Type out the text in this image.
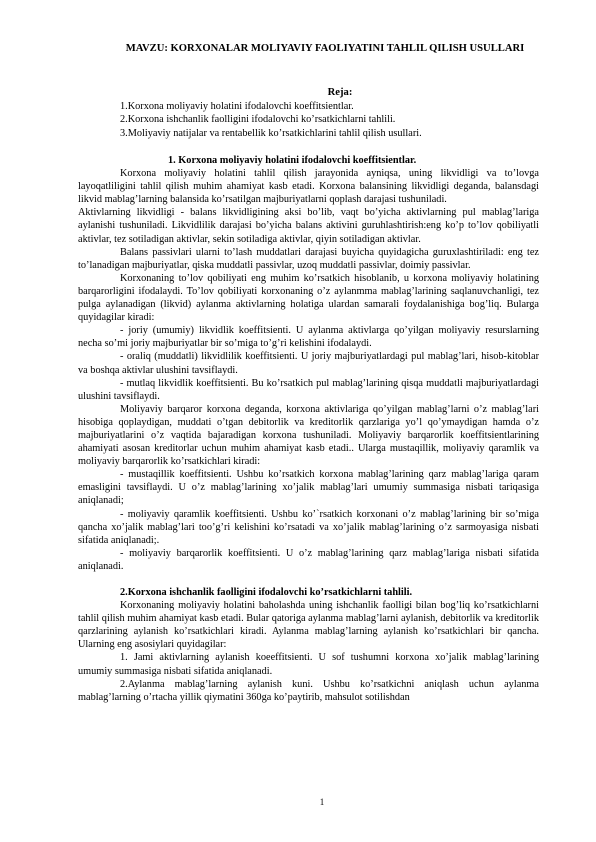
MAVZU: KORXONALAR MOLIYAVIY FAOLIYATINI TAHLIL QILISH USULLARI
Reja:
1.Korxona moliyaviy holatini ifodalovchi koeffitsientlar.
2.Korxona ishchanlik faolligini ifodalovchi ko’rsatkichlarni tahlili.
3.Moliyaviy natijalar va rentabellik ko’rsatkichlarini tahlil qilish usullari.

1. Korxona moliyaviy holatini ifodalovchi koeffitsientlar.

Korxona moliyaviy holatini tahlil qilish jarayonida ayniqsa, uning likvidligi va to’lovga layoqatliligini tahlil qilish muhim ahamiyat kasb etadi. Korxona balansining likvidligi deganda, balansdagi likvid mablag’larning balansida ko’rsatilgan majburiyatlarni qoplash darajasi tushuniladi.

Aktivlarning likvidligi - balans likvidligining aksi bo’lib, vaqt bo’yicha aktivlarning pul mablag’lariga aylanishi tushuniladi. Likvidlilik darajasi bo’yicha balans aktivini guruhlashtirish:eng ko’p to’lov qobiliyatli aktivlar, tez sotiladigan aktivlar, sekin sotiladiga aktivlar, qiyin sotiladigan aktivlar.

Balans passivlari ularni to’lash muddatlari darajasi buyicha quyidagicha guruxlashtiriladi: eng tez to’lanadigan majburiyatlar, qiska muddatli passivlar, uzoq muddatli passivlar, doimiy passivlar.

Korxonaning to’lov qobiliyati eng muhim ko’rsatkich hisoblanib, u korxona moliyaviy holatining barqarorligini ifodalaydi. To’lov qobiliyati korxonaning o’z aylanmma mablag’larining saqlanuvchanligi, tez pulga aylanadigan (likvid) aylanma aktivlarning holatiga ulardan samarali foydalanishiga bog’liq. Bularga quyidagilar kiradi:

- joriy (umumiy) likvidlik koeffitsienti. U aylanma aktivlarga qo’yilgan moliyaviy resurslarning necha so’mi joriy majburiyatlar bir so’miga to’g’ri kelishini ifodalaydi.

- oraliq (muddatli) likvidlilik koeffitsienti. U joriy majburiyatlardagi pul mablag’lari, hisob-kitoblar va boshqa aktivlar ulushini tavsiflaydi.

- mutlaq likvidlik koeffitsienti. Bu ko’rsatkich pul mablag’larining qisqa muddatli majburiyatlardagi ulushini tavsiflaydi.

Moliyaviy barqaror korxona deganda, korxona aktivlariga qo’yilgan mablag’larni o’z mablag’lari hisobiga qoplaydigan, muddati o’tgan debitorlik va kreditorlik qarzlariga yo’l qo’ymaydigan hamda o’z majburiyatlarini o’z vaqtida bajaradigan korxona tushuniladi. Moliyaviy barqarorlik koeffitsientlarining ahamiyati asosan kreditorlar uchun muhim ahamiyat kasb etadi.. Ularga mustaqillik, moliyaviy qaramlik va moliyaviy barqarorlik ko’rsatkichlari kiradi:

- mustaqillik koeffitsienti. Ushbu ko’rsatkich korxona mablag’larining qarz mablag’lariga qaram emasligini tavsiflaydi. U o’z mablag’larining xo’jalik mablag’lari umumiy summasiga nisbati tariqasiga aniqlanadi;

- moliyaviy qaramlik koeffitsienti. Ushbu ko’`rsatkich korxonani o’z mablag’larining bir so’miga qancha xo’jalik mablag’lari too’g’ri kelishini ko’rsatadi va xo’jalik mablag’larining o’z sarmoyasiga nisbati sifatida aniqlanadi;.

- moliyaviy barqarorlik koeffitsienti. U o’z mablag’larining qarz mablag’lariga nisbati sifatida aniqlanadi.

2.Korxona ishchanlik faolligini ifodalovchi ko’rsatkichlarni tahlili.

Korxonaning moliyaviy holatini baholashda uning ishchanlik faolligi bilan bog’liq ko’rsatkichlarni tahlil qilish muhim ahamiyat kasb etadi. Bular qatoriga aylanma mablag’larni aylanish, debitorlik va kreditorlik qarzlarining aylanish ko’rsatkichlari kiradi. Aylanma mablag’larning aylanish ko’rsatkichlari bir qancha. Ularning eng asosiylari quyidagilar:

1. Jami aktivlarning aylanish koeeffitsienti. U sof tushumni korxona xo’jalik mablag’larining umumiy summasiga nisbati sifatida aniqlanadi.

2.Aylanma mablag’larning aylanish kuni. Ushbu ko’rsatkichni aniqlash uchun aylanma mablag’larning o’rtacha yillik qiymatini 360ga ko’paytirib, mahsulot sotilishdan

1
